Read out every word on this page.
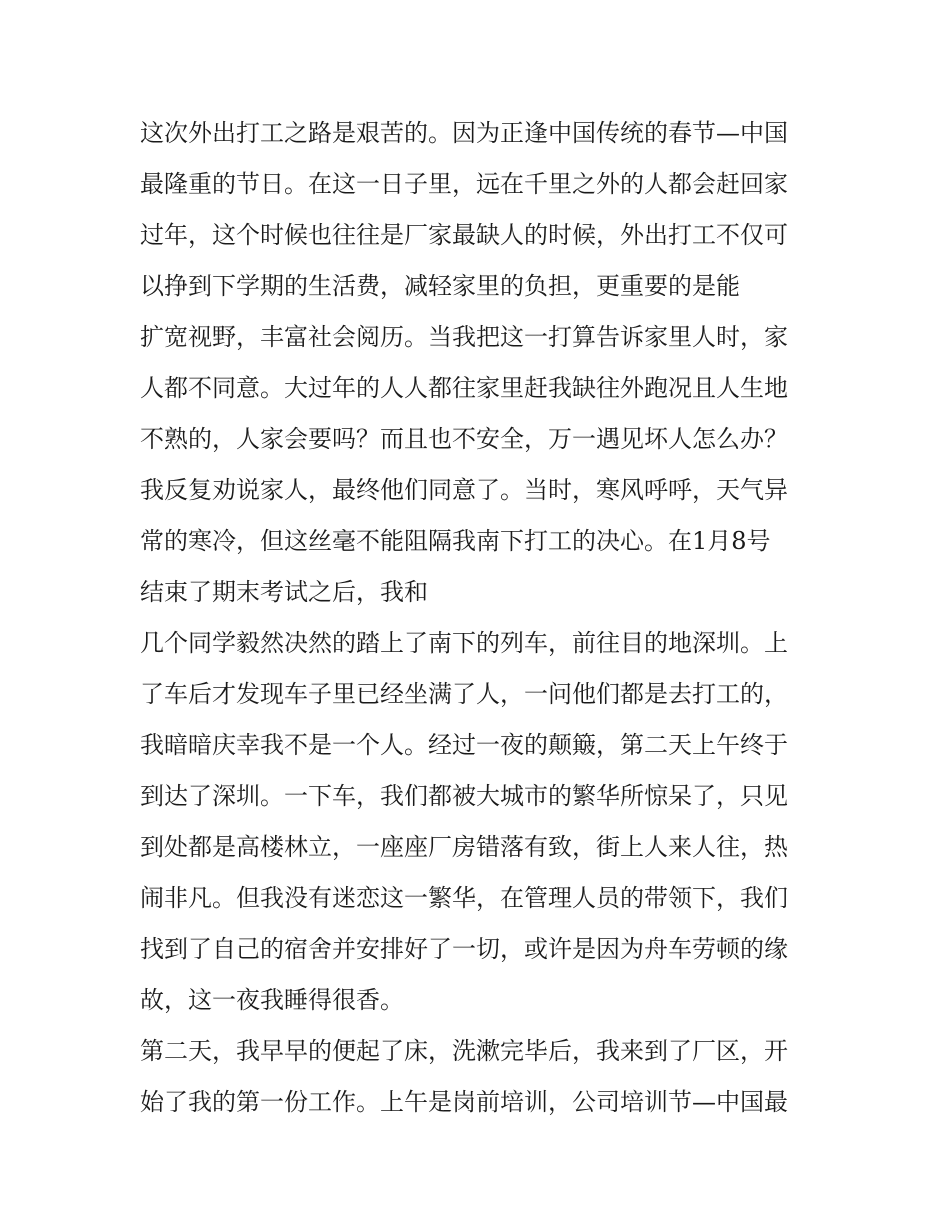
这次外出打工之路是艰苦的。因为正逢中国传统的春节—中国
最隆重的节日。在这一日子里，远在千里之外的人都会赶回家
过年，这个时候也往往是厂家最缺人的时候，外出打工不仅可
以挣到下学期的生活费，减轻家里的负担，更重要的是能
扩宽视野，丰富社会阅历。当我把这一打算告诉家里人时，家
人都不同意。大过年的人人都往家里赶我缺往外跑况且人生地
不熟的，人家会要吗？而且也不安全，万一遇见坏人怎么办？
我反复劝说家人，最终他们同意了。当时，寒风呼呼，天气异
常的寒冷，但这丝毫不能阻隔我南下打工的决心。在1月8号
结束了期末考试之后，我和
几个同学毅然决然的踏上了南下的列车，前往目的地深圳。上
了车后才发现车子里已经坐满了人，一问他们都是去打工的，
我暗暗庆幸我不是一个人。经过一夜的颠簸，第二天上午终于
到达了深圳。一下车，我们都被大城市的繁华所惊呆了，只见
到处都是高楼林立，一座座厂房错落有致，街上人来人往，热
闹非凡。但我没有迷恋这一繁华，在管理人员的带领下，我们
找到了自己的宿舍并安排好了一切，或许是因为舟车劳顿的缘
故，这一夜我睡得很香。
第二天，我早早的便起了床，洗漱完毕后，我来到了厂区，开
始了我的第一份工作。上午是岗前培训，公司培训节—中国最
